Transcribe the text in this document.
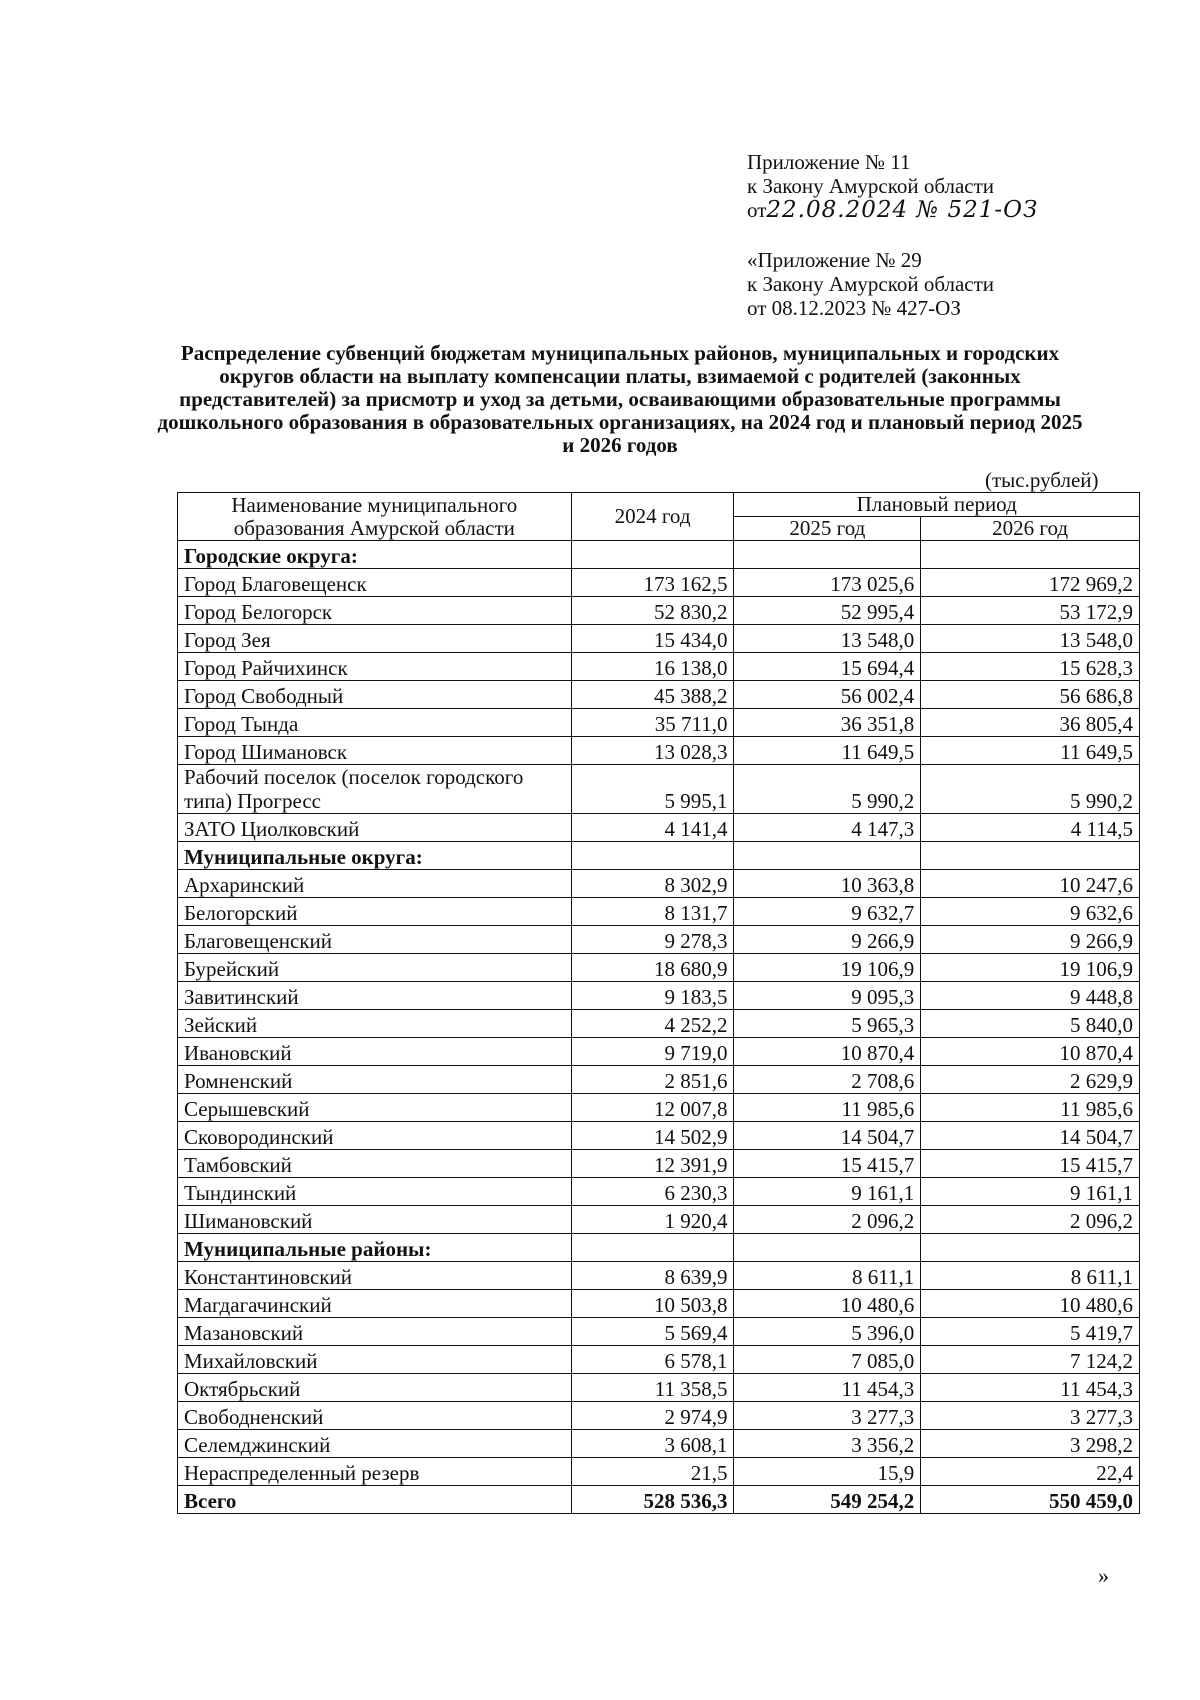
Приложение № 11
к Закону Амурской области
от22.08.2024 № 521-ОЗ
«Приложение № 29
к Закону Амурской области
от 08.12.2023 № 427-ОЗ
Распределение субвенций бюджетам муниципальных районов, муниципальных и городских округов области на выплату компенсации платы, взимаемой с родителей (законных представителей) за присмотр и уход за детьми, осваивающими образовательные программы дошкольного образования в образовательных организациях, на 2024 год и плановый период 2025 и 2026 годов
(тыс.рублей)
Наименование муниципального образования Амурской области	2024 год	Плановый период	
		2025 год	2026 год
Городские округа:			
Город Благовещенск	173 162,5	173 025,6	172 969,2
Город Белогорск	52 830,2	52 995,4	53 172,9
Город Зея	15 434,0	13 548,0	13 548,0
Город Райчихинск	16 138,0	15 694,4	15 628,3
Город Свободный	45 388,2	56 002,4	56 686,8
Город Тында	35 711,0	36 351,8	36 805,4
Город Шимановск	13 028,3	11 649,5	11 649,5
Рабочий поселок (поселок городского типа) Прогресс	5 995,1	5 990,2	5 990,2
ЗАТО Циолковский	4 141,4	4 147,3	4 114,5
Муниципальные округа:			
Архаринский	8 302,9	10 363,8	10 247,6
Белогорский	8 131,7	9 632,7	9 632,6
Благовещенский	9 278,3	9 266,9	9 266,9
Бурейский	18 680,9	19 106,9	19 106,9
Завитинский	9 183,5	9 095,3	9 448,8
Зейский	4 252,2	5 965,3	5 840,0
Ивановский	9 719,0	10 870,4	10 870,4
Ромненский	2 851,6	2 708,6	2 629,9
Серышевский	12 007,8	11 985,6	11 985,6
Сковородинский	14 502,9	14 504,7	14 504,7
Тамбовский	12 391,9	15 415,7	15 415,7
Тындинский	6 230,3	9 161,1	9 161,1
Шимановский	1 920,4	2 096,2	2 096,2
Муниципальные районы:			
Константиновский	8 639,9	8 611,1	8 611,1
Магдагачинский	10 503,8	10 480,6	10 480,6
Мазановский	5 569,4	5 396,0	5 419,7
Михайловский	6 578,1	7 085,0	7 124,2
Октябрьский	11 358,5	11 454,3	11 454,3
Свободненский	2 974,9	3 277,3	3 277,3
Селемджинский	3 608,1	3 356,2	3 298,2
Нераспределенный резерв	21,5	15,9	22,4
Всего	528 536,3	549 254,2	550 459,0
»
